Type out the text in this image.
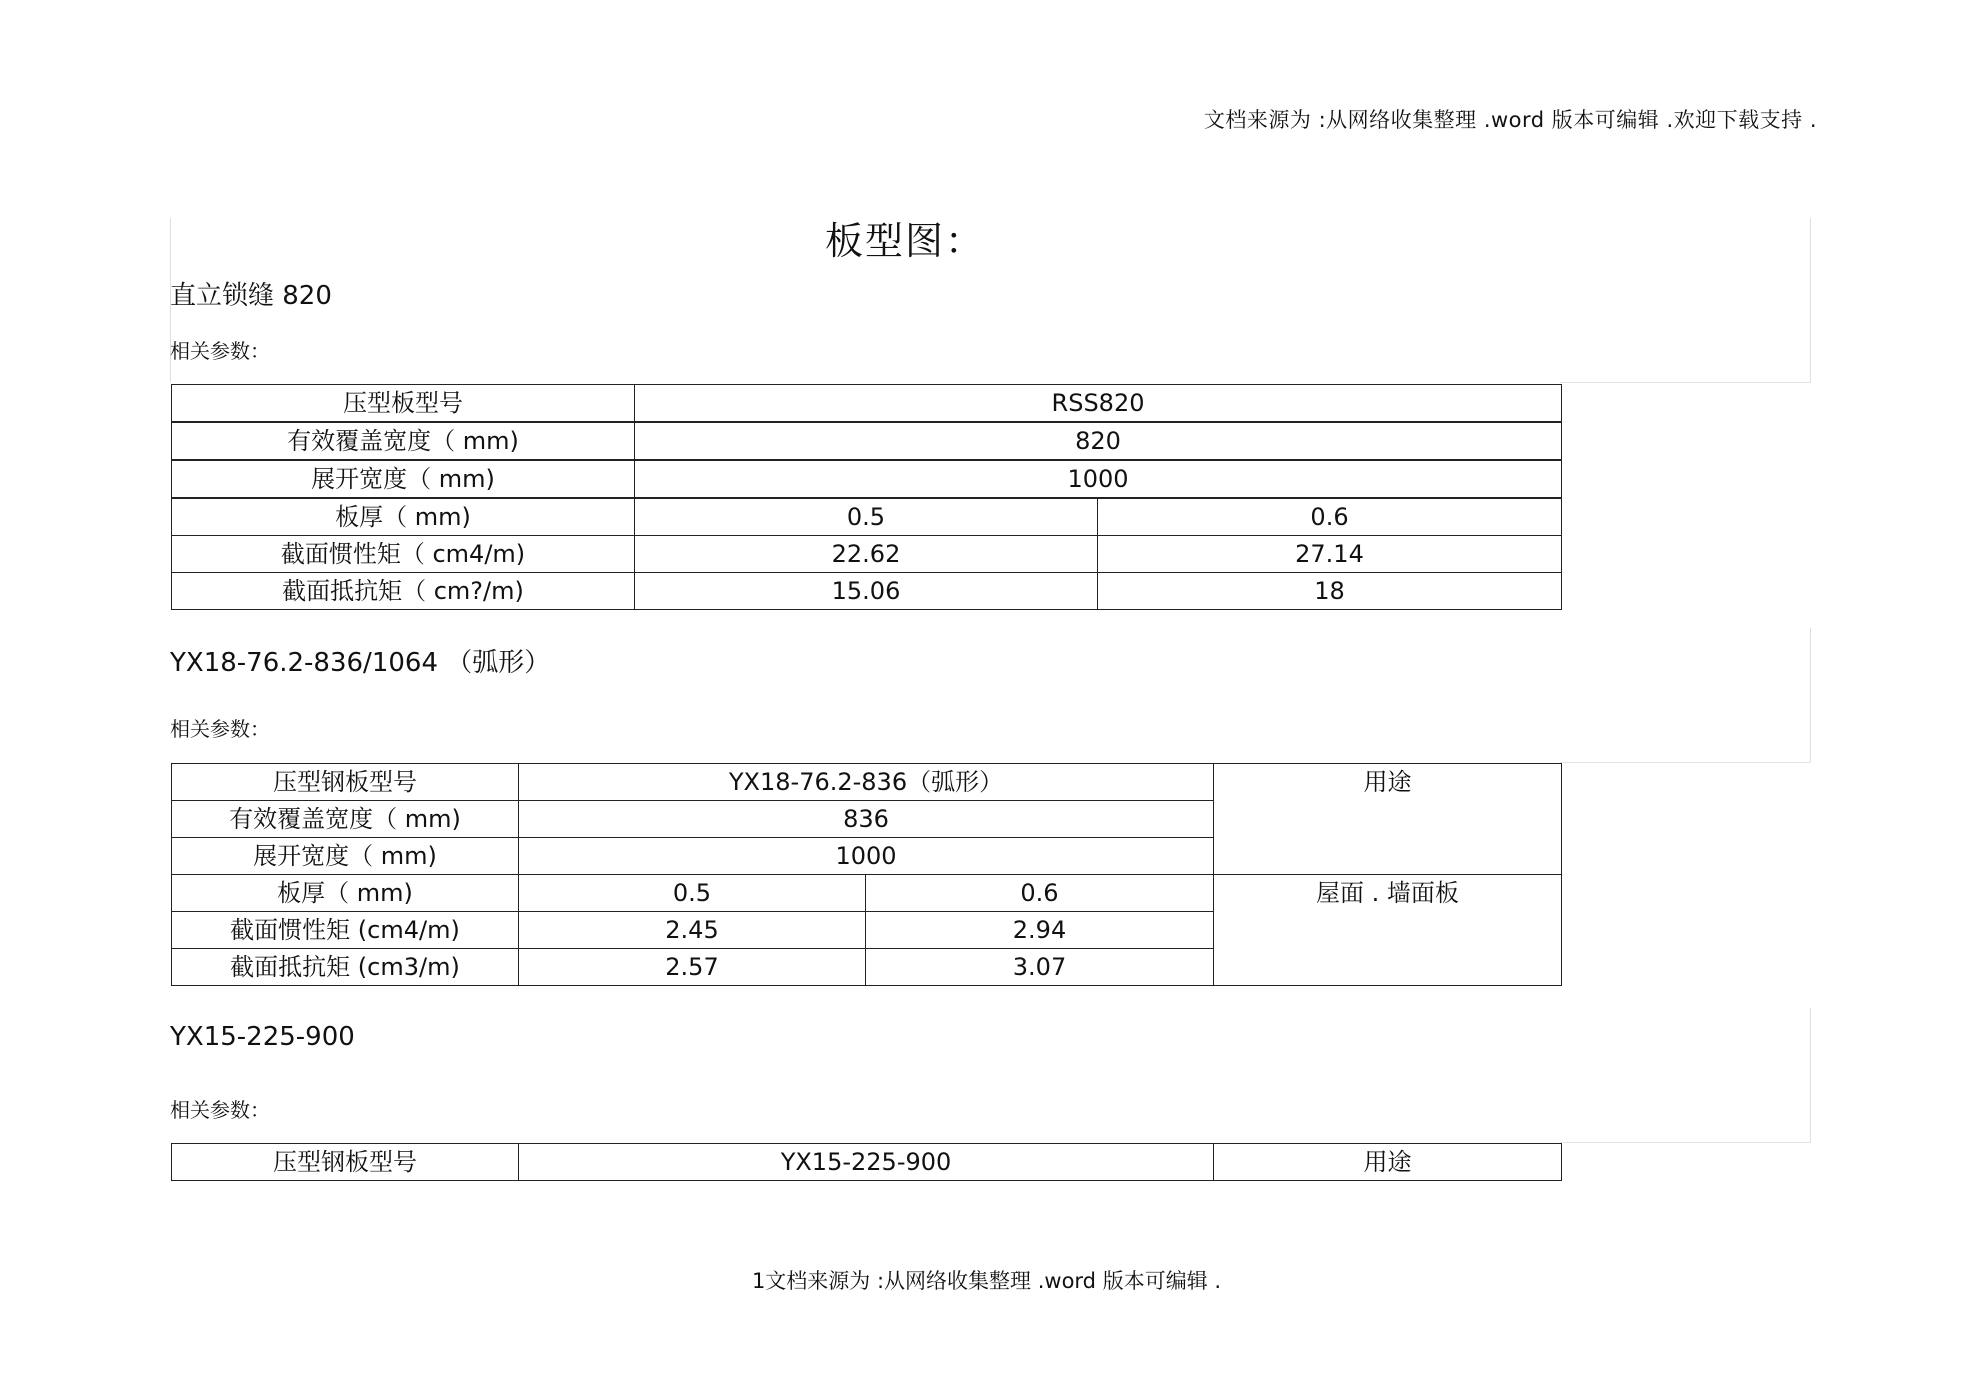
文档来源为 :从网络收集整理 .word 版本可编辑 .欢迎下载支持 .
板型图：
直立锁缝 820
相关参数：
压型板型号	RSS820	
有效覆盖宽度（ mm)	820	
展开宽度（ mm)	1000	
板厚（ mm)	0.5	0.6
截面惯性矩（ cm4/m)	22.62	27.14
截面抵抗矩（ cm?/m)	15.06	18
YX18-76.2-836/1064 （弧形）
相关参数：
压型钢板型号	YX18-76.2-836（弧形）		用途
有效覆盖宽度（ mm)	836		
展开宽度（ mm)	1000		
板厚（ mm)	0.5	0.6	屋面 . 墙面板
截面惯性矩 (cm4/m)	2.45	2.94	
截面抵抗矩 (cm3/m)	2.57	3.07	
YX15-225-900
相关参数：
压型钢板型号	YX15-225-900	用途
1文档来源为 :从网络收集整理 .word 版本可编辑 .
